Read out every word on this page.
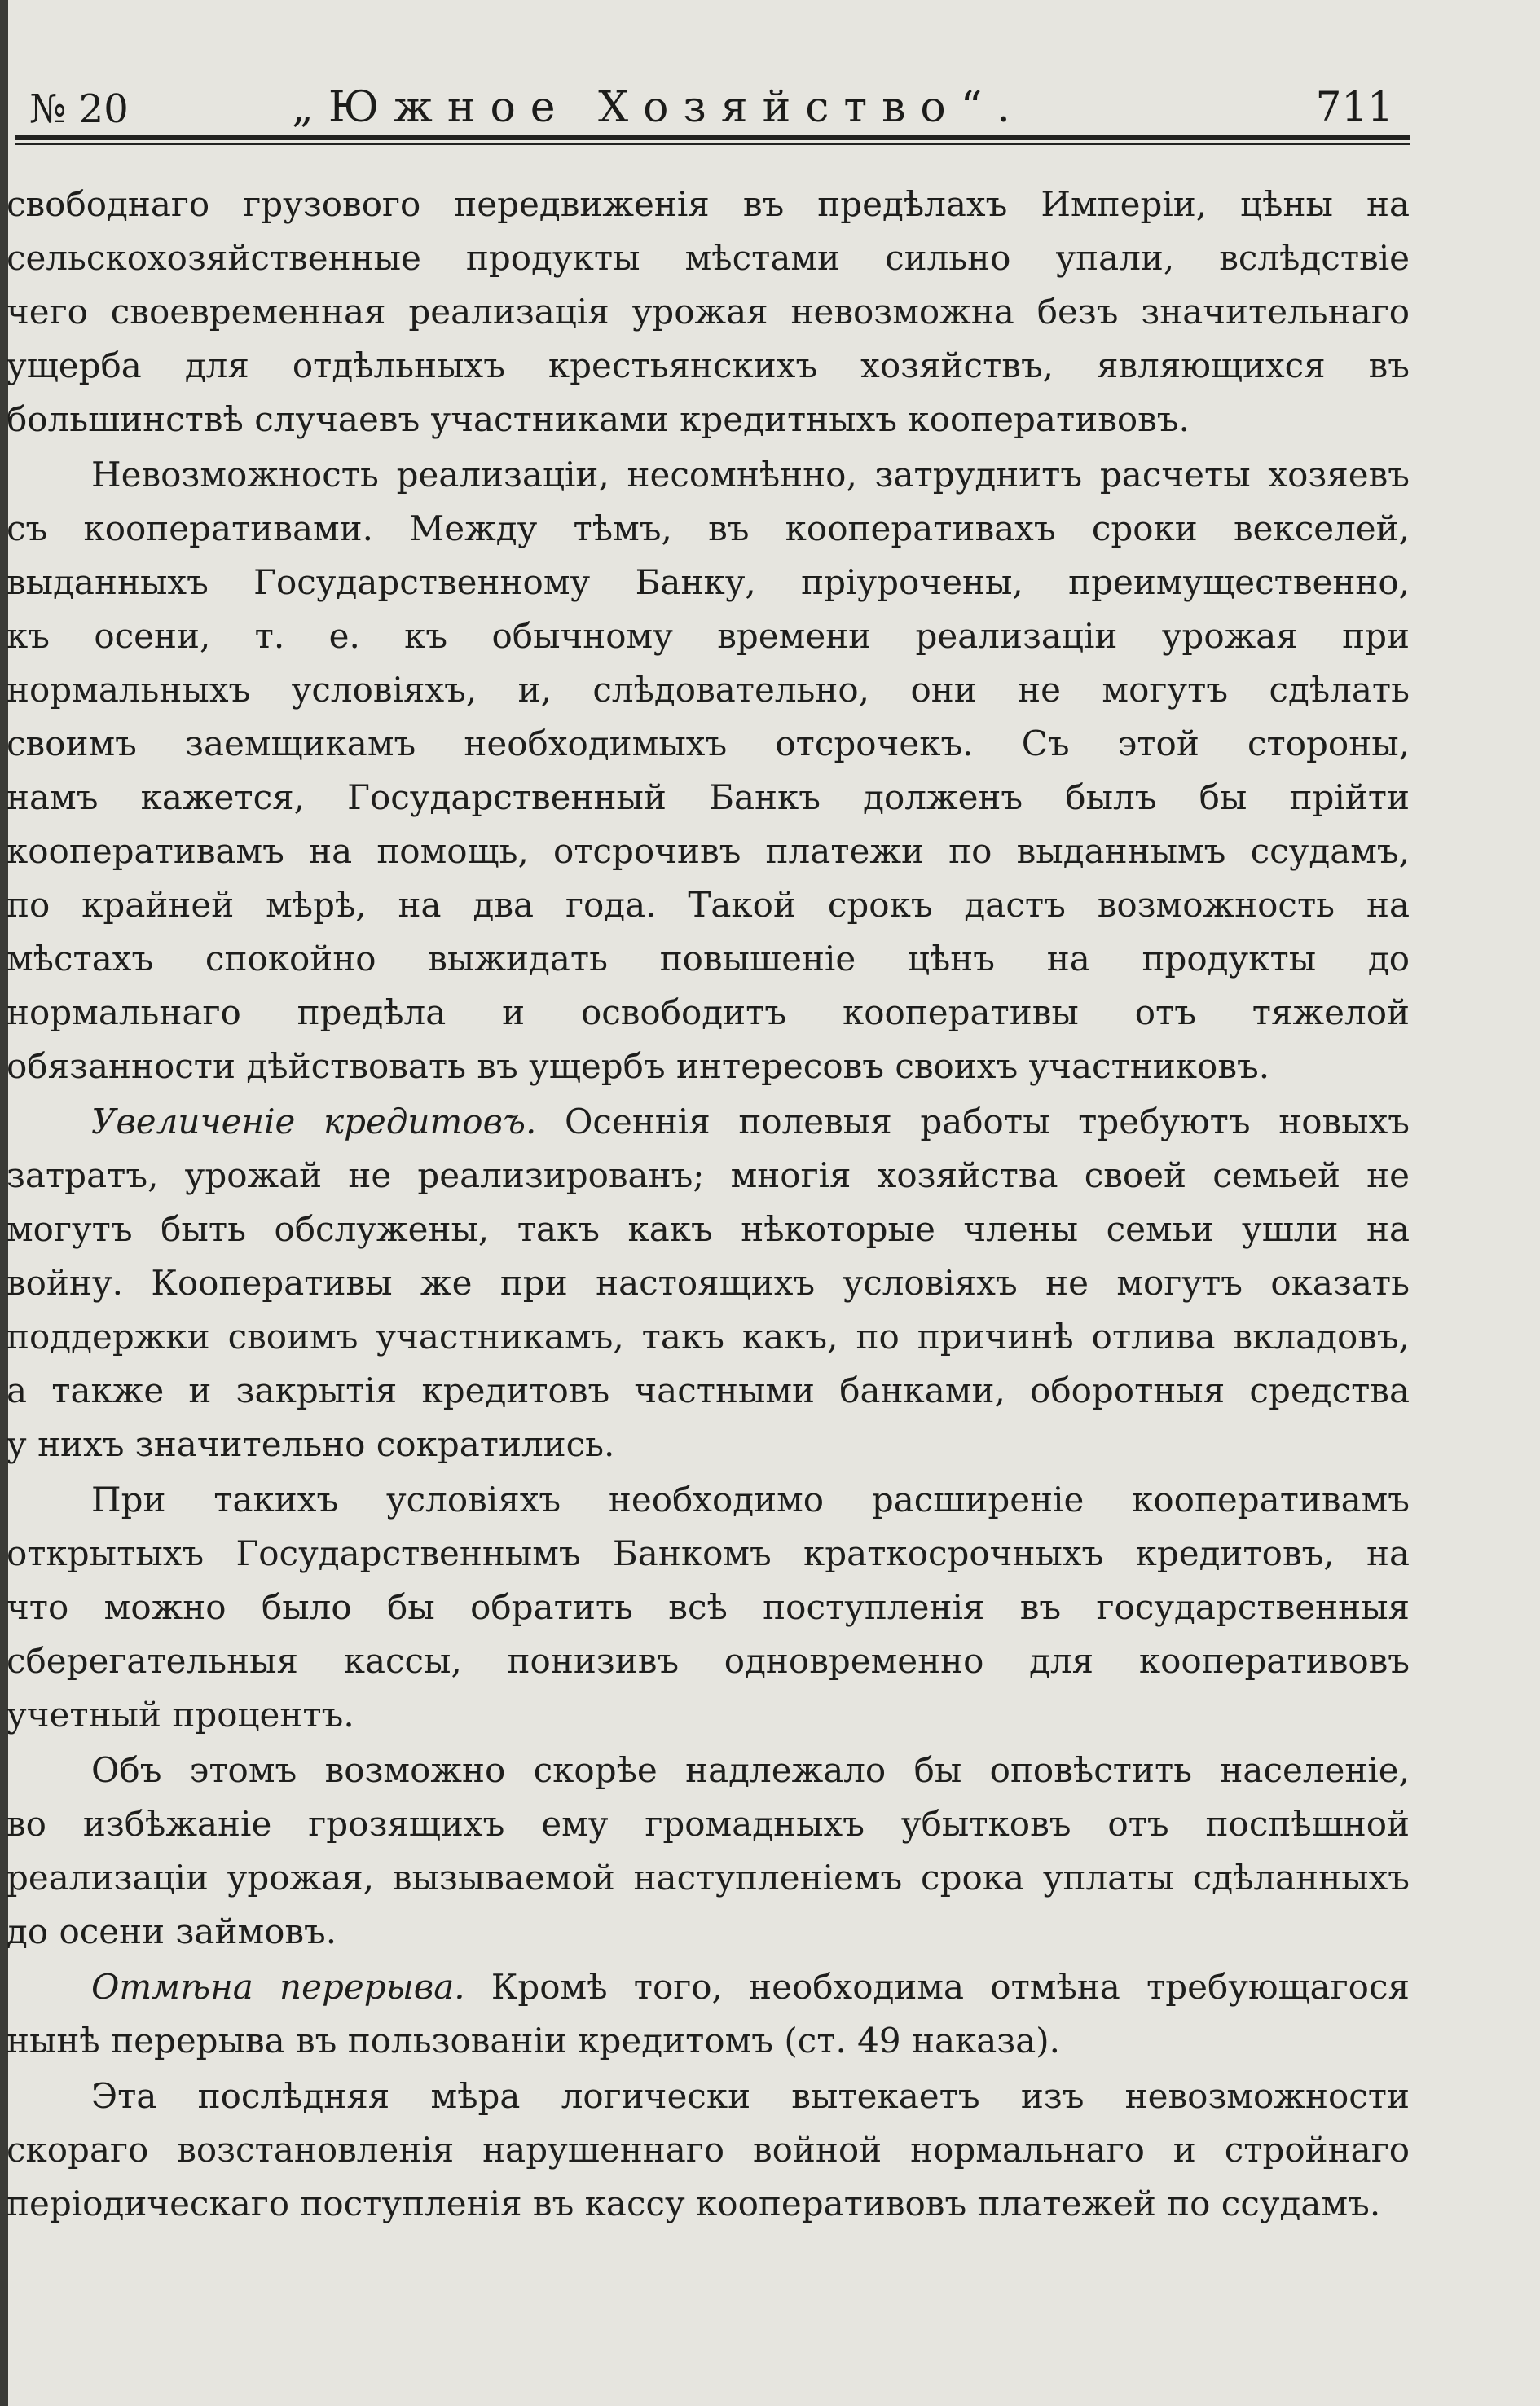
№ 20	„Южное Хозяйство“.	711
свободнаго грузового передвиженія въ предѣлахъ Имперіи, цѣны на
сельскохозяйственные продукты мѣстами сильно упали, вслѣдствіе
чего своевременная реализація урожая невозможна безъ значительнаго
ущерба для отдѣльныхъ крестьянскихъ хозяйствъ, являющихся въ
большинствѣ случаевъ участниками кредитныхъ кооперативовъ.
Невозможность реализаціи, несомнѣнно, затруднитъ расчеты хозяевъ
съ кооперативами. Между тѣмъ, въ кооперативахъ сроки векселей,
выданныхъ Государственному Банку, пріурочены, преимущественно,
къ осени, т. е. къ обычному времени реализаціи урожая при
нормальныхъ условіяхъ, и, слѣдовательно, они не могутъ сдѣлать
своимъ заемщикамъ необходимыхъ отсрочекъ. Съ этой стороны,
намъ кажется, Государственный Банкъ долженъ былъ бы прійти
кооперативамъ на помощь, отсрочивъ платежи по выданнымъ ссудамъ,
по крайней мѣрѣ, на два года. Такой срокъ дастъ возможность на
мѣстахъ спокойно выжидать повышеніе цѣнъ на продукты до
нормальнаго предѣла и освободитъ кооперативы отъ тяжелой
обязанности дѣйствовать въ ущербъ интересовъ своихъ участниковъ.
Увеличеніе кредитовъ. Осеннія полевыя работы требуютъ новыхъ
затратъ, урожай не реализированъ; многія хозяйства своей семьей не
могутъ быть обслужены, такъ какъ нѣкоторые члены семьи ушли на
войну. Кооперативы же при настоящихъ условіяхъ не могутъ оказать
поддержки своимъ участникамъ, такъ какъ, по причинѣ отлива вкладовъ,
а также и закрытія кредитовъ частными банками, оборотныя средства
у нихъ значительно сократились.
При такихъ условіяхъ необходимо расширеніе кооперативамъ
открытыхъ Государственнымъ Банкомъ краткосрочныхъ кредитовъ, на
что можно было бы обратить всѣ поступленія въ государственныя
сберегательныя кассы, понизивъ одновременно для кооперативовъ
учетный процентъ.
Объ этомъ возможно скорѣе надлежало бы оповѣстить населеніе,
во избѣжаніе грозящихъ ему громадныхъ убытковъ отъ поспѣшной
реализаціи урожая, вызываемой наступленіемъ срока уплаты сдѣланныхъ
до осени займовъ.
Отмѣна перерыва. Кромѣ того, необходима отмѣна требующагося
нынѣ перерыва въ пользованіи кредитомъ (ст. 49 наказа).
Эта послѣдняя мѣра логически вытекаетъ изъ невозможности
скораго возстановленія нарушеннаго войной нормальнаго и стройнаго
періодическаго поступленія въ кассу кооперативовъ платежей по ссудамъ.
